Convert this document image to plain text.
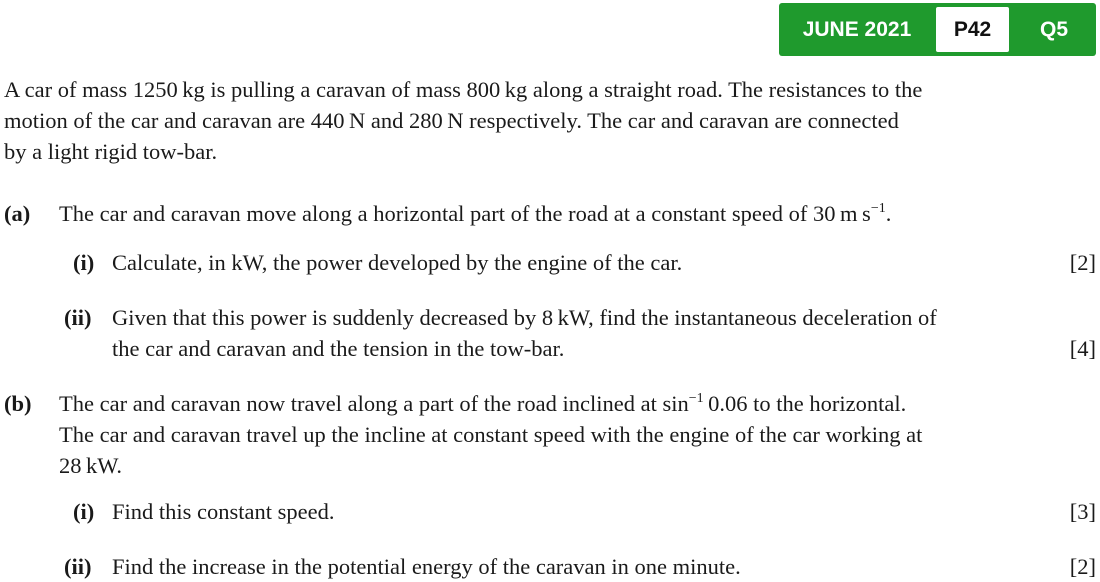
JUNE 2021	P42	Q5
A car of mass 1250 kg is pulling a caravan of mass 800 kg along a straight road. The resistances to the
motion of the car and caravan are 440 N and 280 N respectively. The car and caravan are connected
by a light rigid tow-bar.
(a) The car and caravan move along a horizontal part of the road at a constant speed of 30 m $s^{-1}$.
(i) Calculate, in kW, the power developed by the engine of the car.	[2]
(ii) Given that this power is suddenly decreased by 8 kW, find the instantaneous deceleration of
the car and caravan and the tension in the tow-bar.	[4]
(b) The car and caravan now travel along a part of the road inclined at $\sin^{-1} 0.06$ to the horizontal.
The car and caravan travel up the incline at constant speed with the engine of the car working at
28 kW.
(i) Find this constant speed.	[3]
(ii) Find the increase in the potential energy of the caravan in one minute.	[2]
